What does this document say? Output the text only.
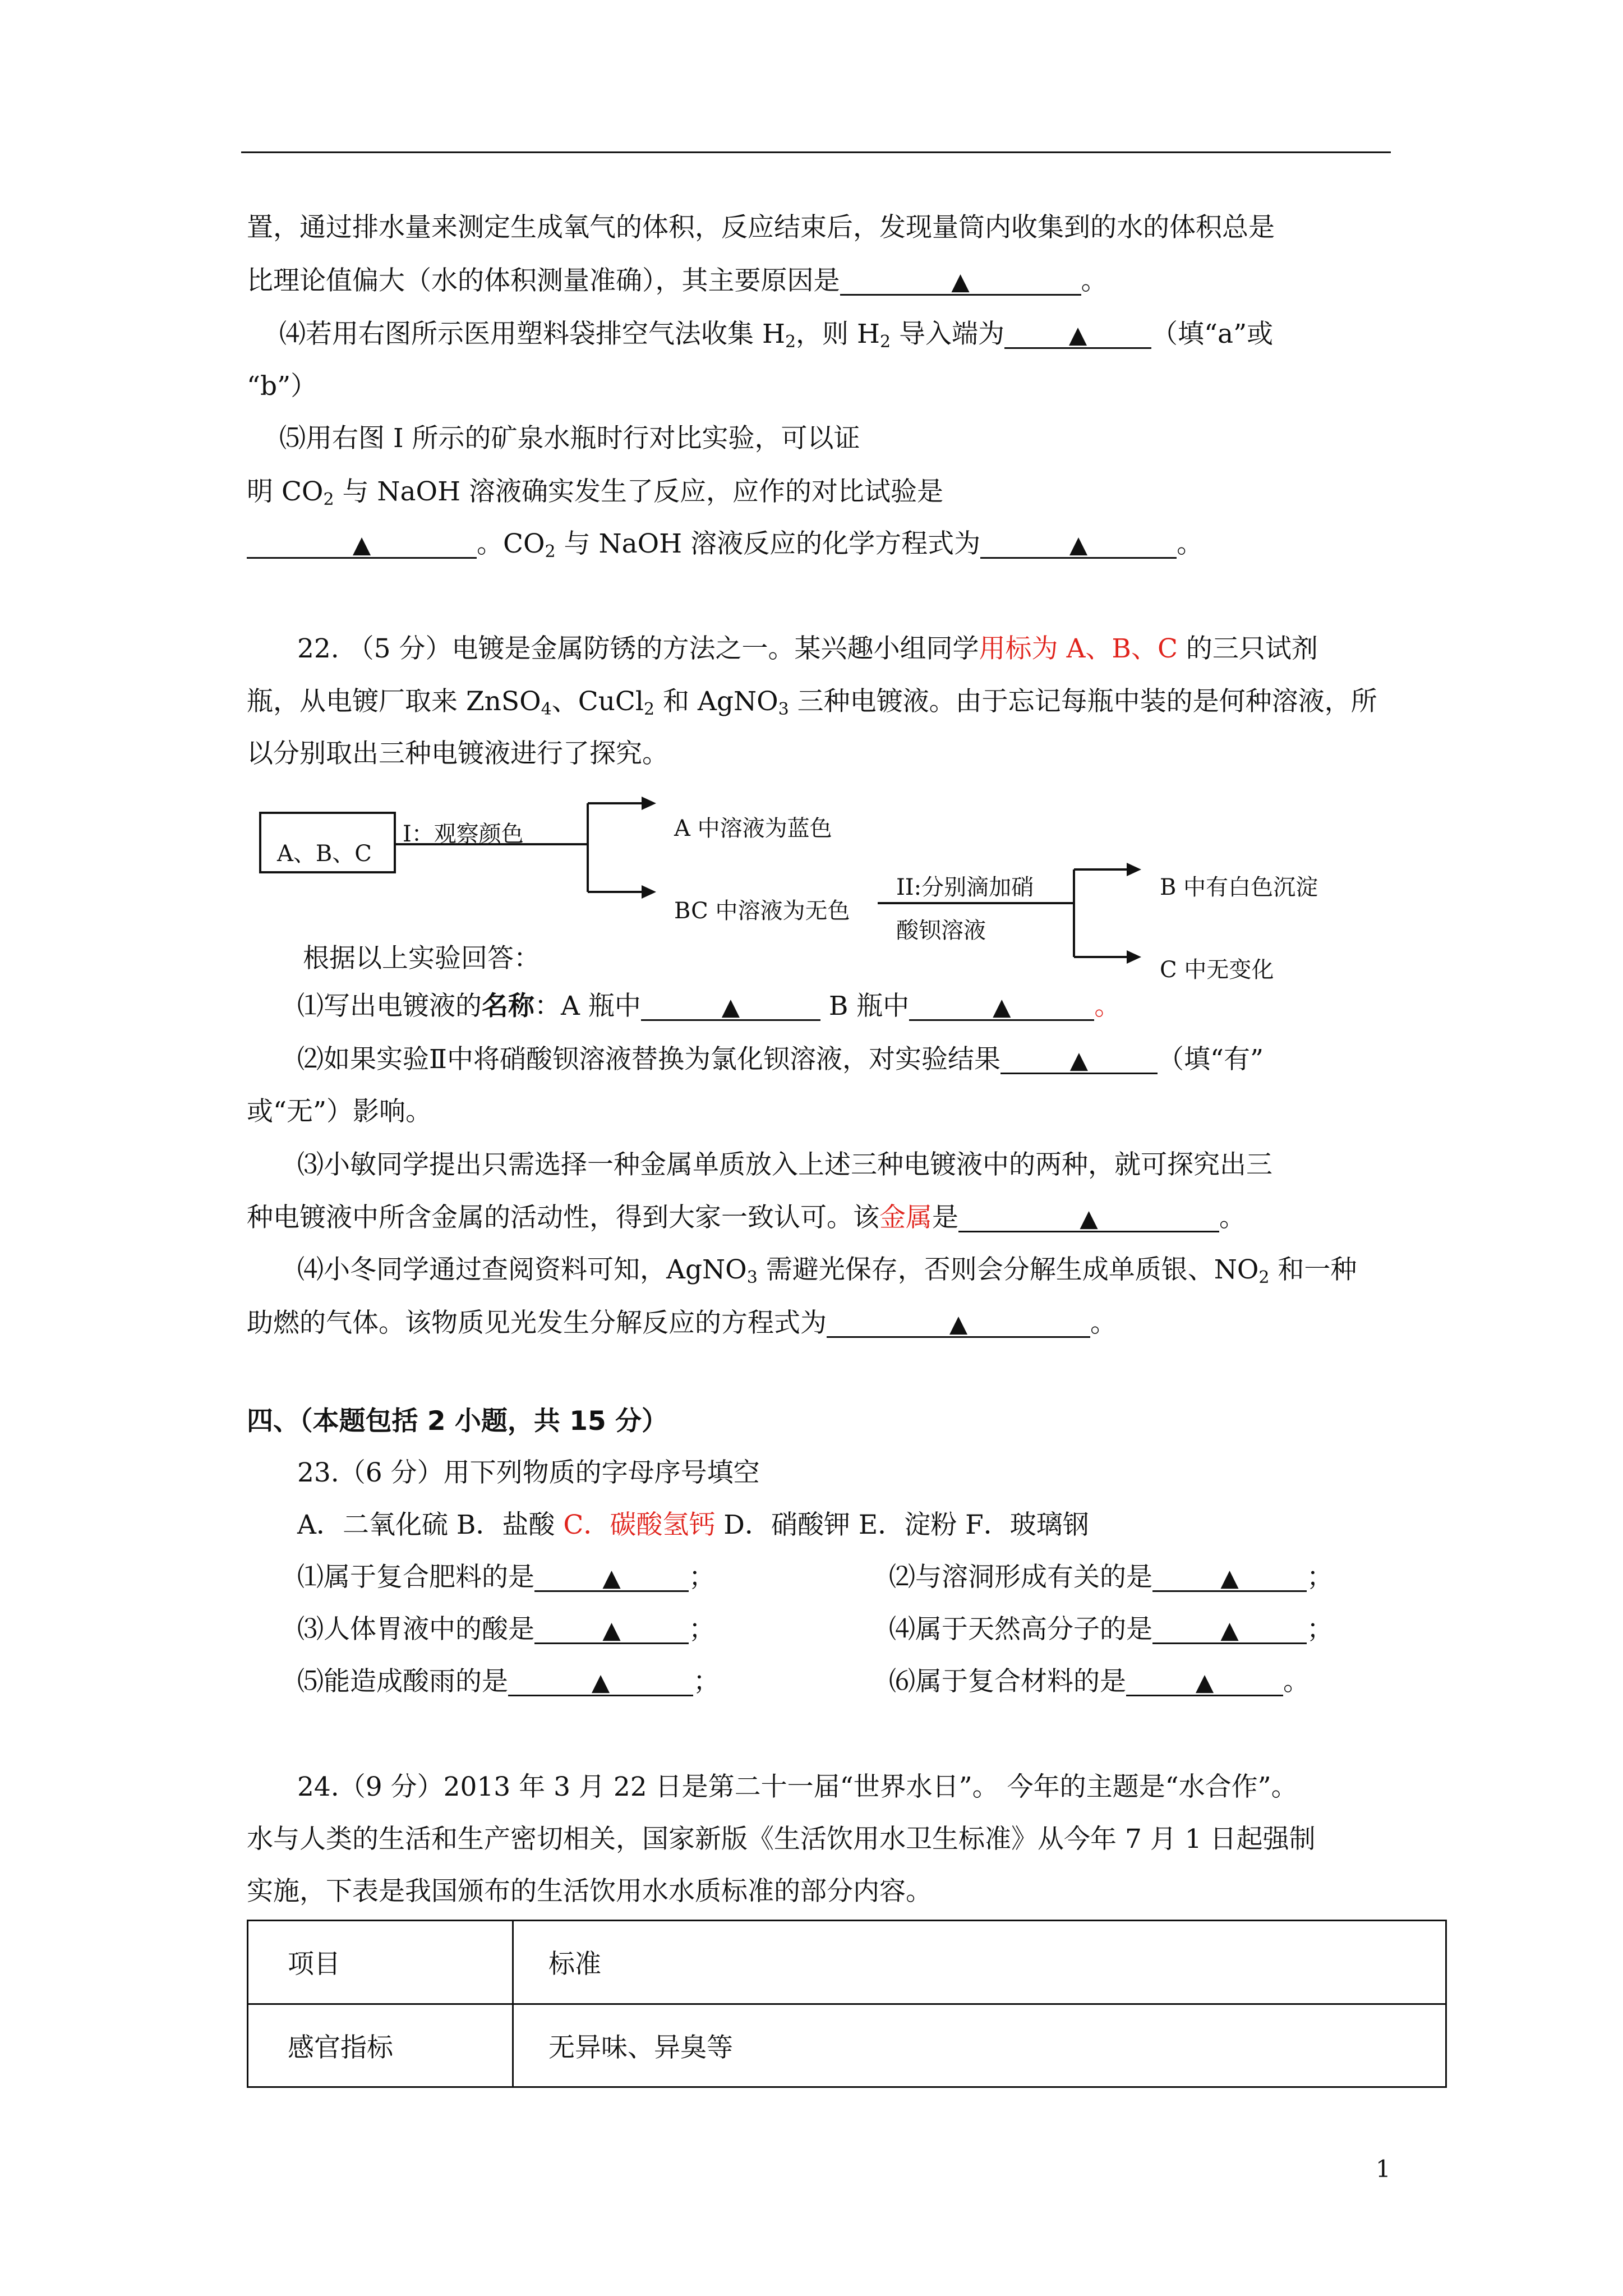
置，通过排水量来测定生成氧气的体积，反应结束后，发现量筒内收集到的水的体积总是
比理论值偏大（水的体积测量准确），其主要原因是 ▲	。
⑷若用右图所示医用塑料袋排空气法收集 $H_2$，则 $H_2$ 导入端为 ▲	（填“a”或
“b”）
⑸用右图 I 所示的矿泉水瓶时行对比实验，可以证
明 $CO_2$ 与 NaOH 溶液确实发生了反应，应作的对比试验是
▲。$CO_2$ 与 NaOH 溶液反应的化学方程式为 ▲	。
22. （5 分）电镀是金属防锈的方法之一。某兴趣小组同学用标为 A、B、C 的三只试剂
瓶，从电镀厂取来 ZnSO$_4$、CuCl$_2$ 和 AgNO$_3$ 三种电镀液。由于忘记每瓶中装的是何种溶液，所
以分别取出三种电镀液进行了探究。
A、B、C
I：观察颜色	A 中溶液为蓝色
BC 中溶液为无色
II:分别滴加硝
酸钡溶液
B 中有白色沉淀
C 中无变化
根据以上实验回答：
⑴写出电镀液的名称：A 瓶中 ▲	B 瓶中 ▲	。
⑵如果实验Ⅱ中将硝酸钡溶液替换为氯化钡溶液，对实验结果 ▲	（填“有”
或“无”）影响。
⑶小敏同学提出只需选择一种金属单质放入上述三种电镀液中的两种，就可探究出三
种电镀液中所含金属的活动性，得到大家一致认可。该金属是 ▲	。
⑷小冬同学通过查阅资料可知，AgNO$_3$ 需避光保存，否则会分解生成单质银、$NO_2$ 和一种
助燃的气体。该物质见光发生分解反应的方程式为 ▲	。
四、（本题包括 2 小题，共 15 分）
23.（6 分）用下列物质的字母序号填空
A．二氧化硫 B．盐酸 C．碳酸氢钙 D．硝酸钾 E．淀粉 F．玻璃钢
⑴属于复合肥料的是 ▲	；	⑵与溶洞形成有关的是 ▲	；
⑶人体胃液中的酸是 ▲	；	⑷属于天然高分子的是 ▲	；
⑸能造成酸雨的是 ▲	；	⑹属于复合材料的是 ▲	。
24.（9 分）2013 年 3 月 22 日是第二十一届“世界水日”。 今年的主题是“水合作”。
水与人类的生活和生产密切相关，国家新版《生活饮用水卫生标准》从今年 7 月 1 日起强制
实施，下表是我国颁布的生活饮用水水质标准的部分内容。
项目	标准
感官指标	无异味、异臭等
1
